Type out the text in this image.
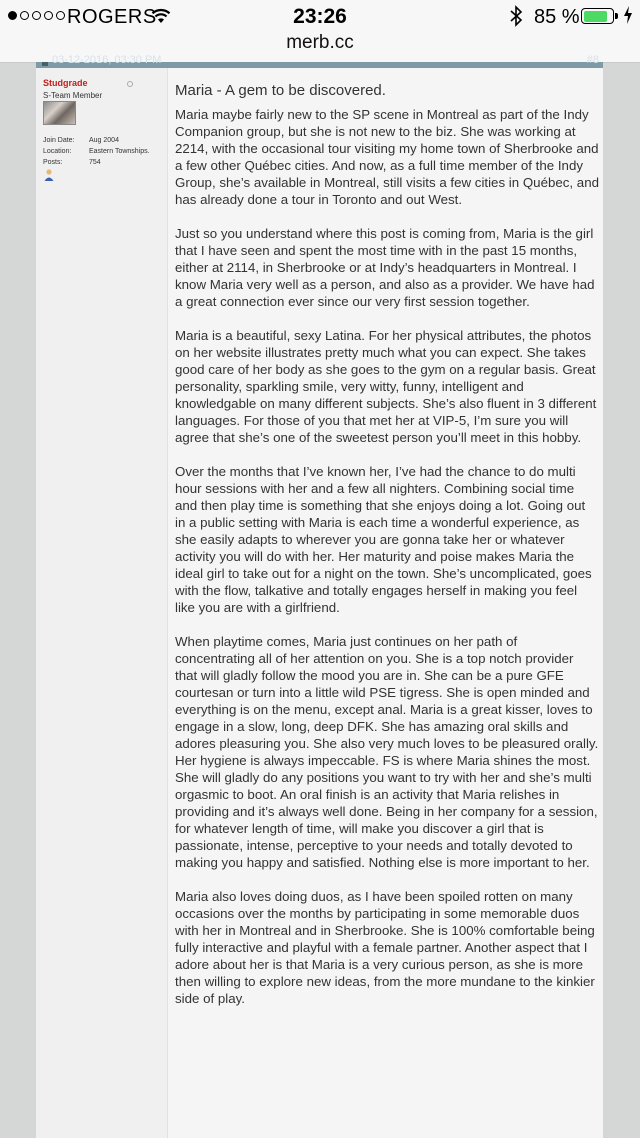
ROGERS	23:26	85 %
merb.cc
03-12-2016, 03:30 PM	#8
Studgrade
S-Team Member
Join Date:	Aug 2004
Location:	Eastern Townships.
Posts:	754
Maria - A gem to be discovered.

Maria maybe fairly new to the SP scene in Montreal as part of the Indy Companion group, but she is not new to the biz. She was working at 2214, with the occasional tour visiting my home town of Sherbrooke and a few other Québec cities. And now, as a full time member of the Indy Group, she’s available in Montreal, still visits a few cities in Québec, and has already done a tour in Toronto and out West.

Just so you understand where this post is coming from, Maria is the girl that I have seen and spent the most time with in the past 15 months, either at 2114, in Sherbrooke or at Indy’s headquarters in Montreal. I know Maria very well as a person, and also as a provider. We have had a great connection ever since our very first session together.

Maria is a beautiful, sexy Latina. For her physical attributes, the photos on her website illustrates pretty much what you can expect. She takes good care of her body as she goes to the gym on a regular basis. Great personality, sparkling smile, very witty, funny, intelligent and knowledgable on many different subjects. She’s also fluent in 3 different languages. For those of you that met her at VIP-5, I’m sure you will agree that she’s one of the sweetest person you’ll meet in this hobby.

Over the months that I’ve known her, I’ve had the chance to do multi hour sessions with her and a few all nighters. Combining social time and then play time is something that she enjoys doing a lot. Going out in a public setting with Maria is each time a wonderful experience, as she easily adapts to wherever you are gonna take her or whatever activity you will do with her. Her maturity and poise makes Maria the ideal girl to take out for a night on the town. She’s uncomplicated, goes with the flow, talkative and totally engages herself in making you feel like you are with a girlfriend.

When playtime comes, Maria just continues on her path of concentrating all of her attention on you. She is a top notch provider that will gladly follow the mood you are in. She can be a pure GFE courtesan or turn into a little wild PSE tigress. She is open minded and everything is on the menu, except anal. Maria is a great kisser, loves to engage in a slow, long, deep DFK. She has amazing oral skills and adores pleasuring you. She also very much loves to be pleasured orally. Her hygiene is always impeccable. FS is where Maria shines the most. She will gladly do any positions you want to try with her and she’s multi orgasmic to boot. An oral finish is an activity that Maria relishes in providing and it’s always well done. Being in her company for a session, for whatever length of time, will make you discover a girl that is passionate, intense, perceptive to your needs and totally devoted to making you happy and satisfied. Nothing else is more important to her.

Maria also loves doing duos, as I have been spoiled rotten on many occasions over the months by participating in some memorable duos with her in Montreal and in Sherbrooke. She is 100% comfortable being fully interactive and playful with a female partner. Another aspect that I adore about her is that Maria is a very curious person, as she is more then willing to explore new ideas, from the more mundane to the kinkier side of play.
